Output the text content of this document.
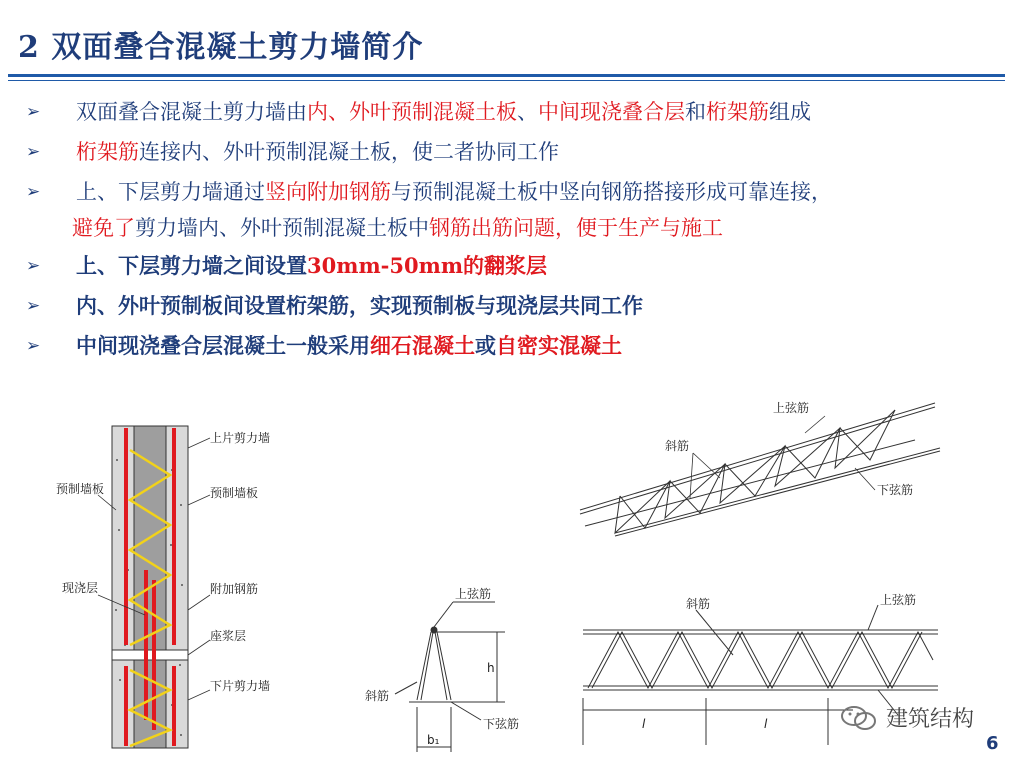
2 双面叠合混凝土剪力墙简介
➢	双面叠合混凝土剪力墙由内、外叶预制混凝土板、中间现浇叠合层和桁架筋组成
➢	桁架筋连接内、外叶预制混凝土板，使二者协同工作
➢	上、下层剪力墙通过竖向附加钢筋与预制混凝土板中竖向钢筋搭接形成可靠连接，
避免了剪力墙内、外叶预制混凝土板中钢筋出筋问题，便于生产与施工
➢	上、下层剪力墙之间设置30mm-50mm的翻浆层
➢	内、外叶预制板间设置桁架筋，实现预制板与现浇层共同工作
➢	中间现浇叠合层混凝土一般采用细石混凝土或自密实混凝土
上片剪力墙
预制墙板	预制墙板
现浇层	附加钢筋
座浆层
下片剪力墙
上弦筋
斜筋
下弦筋
上弦筋
斜筋
下弦筋
h
b₁
斜筋	上弦筋
l	l	建筑结构
6
